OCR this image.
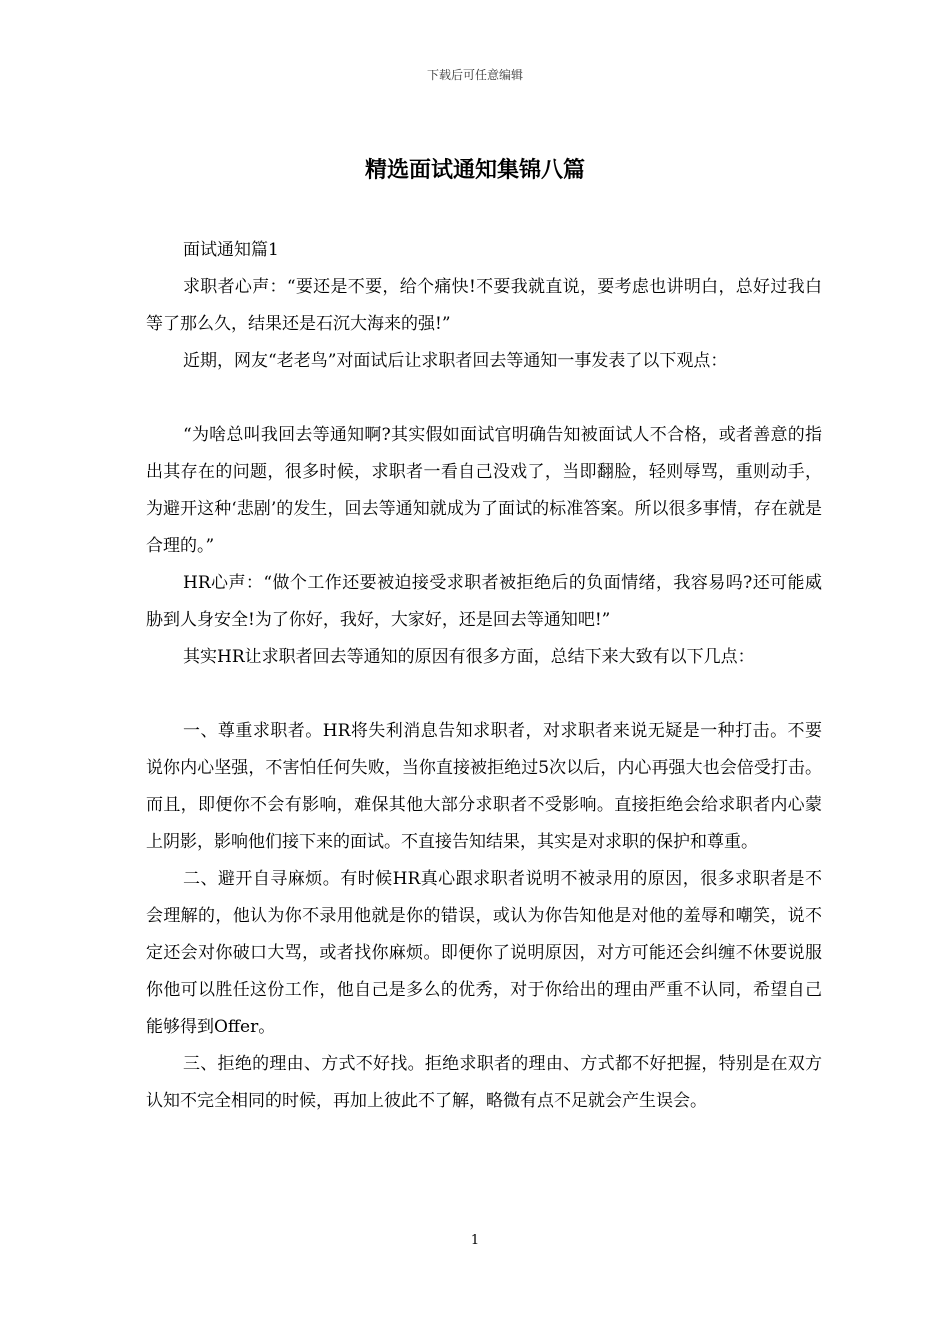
下载后可任意编辑
精选面试通知集锦八篇

面试通知篇1

求职者心声：“要还是不要，给个痛快!不要我就直说，要考虑也讲明白，总好过我白等了那么久，结果还是石沉大海来的强!”

近期，网友“老老鸟”对面试后让求职者回去等通知一事发表了以下观点：

“为啥总叫我回去等通知啊?其实假如面试官明确告知被面试人不合格，或者善意的指出其存在的问题，很多时候，求职者一看自己没戏了，当即翻脸，轻则辱骂，重则动手，为避开这种‘悲剧’的发生，回去等通知就成为了面试的标准答案。所以很多事情，存在就是合理的。”

HR心声：“做个工作还要被迫接受求职者被拒绝后的负面情绪，我容易吗?还可能威胁到人身安全!为了你好，我好，大家好，还是回去等通知吧!”

其实HR让求职者回去等通知的原因有很多方面，总结下来大致有以下几点：

一、尊重求职者。HR将失利消息告知求职者，对求职者来说无疑是一种打击。不要说你内心坚强，不害怕任何失败，当你直接被拒绝过5次以后，内心再强大也会倍受打击。而且，即便你不会有影响，难保其他大部分求职者不受影响。直接拒绝会给求职者内心蒙上阴影，影响他们接下来的面试。不直接告知结果，其实是对求职的保护和尊重。

二、避开自寻麻烦。有时候HR真心跟求职者说明不被录用的原因，很多求职者是不会理解的，他认为你不录用他就是你的错误，或认为你告知他是对他的羞辱和嘲笑，说不定还会对你破口大骂，或者找你麻烦。即便你了说明原因，对方可能还会纠缠不休要说服你他可以胜任这份工作，他自己是多么的优秀，对于你给出的理由严重不认同，希望自己能够得到Offer。

三、拒绝的理由、方式不好找。拒绝求职者的理由、方式都不好把握，特别是在双方认知不完全相同的时候，再加上彼此不了解，略微有点不足就会产生误会。

1
